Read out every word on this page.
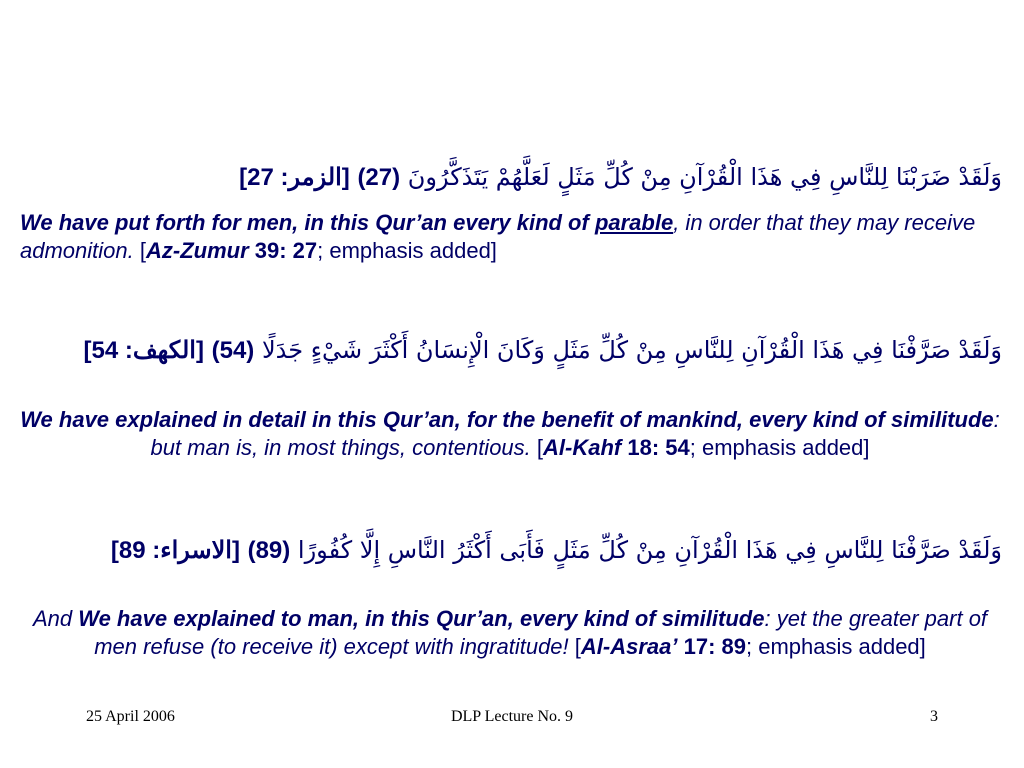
وَلَقَدْ ضَرَبْنَا لِلنَّاسِ فِي هَذَا الْقُرْآنِ مِنْ كُلِّ مَثَلٍ لَعَلَّهُمْ يَتَذَكَّرُونَ (27) [الزمر: 27]
We have put forth for men, in this Qur’an every kind of parable, in order that they may receive admonition. [Az-Zumur 39: 27; emphasis added]
وَلَقَدْ صَرَّفْنَا فِي هَذَا الْقُرْآنِ لِلنَّاسِ مِنْ كُلِّ مَثَلٍ وَكَانَ الْإِنسَانُ أَكْثَرَ شَيْءٍ جَدَلًا (54) [الكهف: 54]
We have explained in detail in this Qur’an, for the benefit of mankind, every kind of similitude: but man is, in most things, contentious. [Al-Kahf 18: 54; emphasis added]
وَلَقَدْ صَرَّفْنَا لِلنَّاسِ فِي هَذَا الْقُرْآنِ مِنْ كُلِّ مَثَلٍ فَأَبَى أَكْثَرُ النَّاسِ إِلَّا كُفُورًا (89) [الاسراء: 89]
And We have explained to man, in this Qur’an, every kind of similitude: yet the greater part of men refuse (to receive it) except with ingratitude! [Al-Asraa’ 17: 89; emphasis added]
25 April 2006	DLP Lecture No. 9	3
